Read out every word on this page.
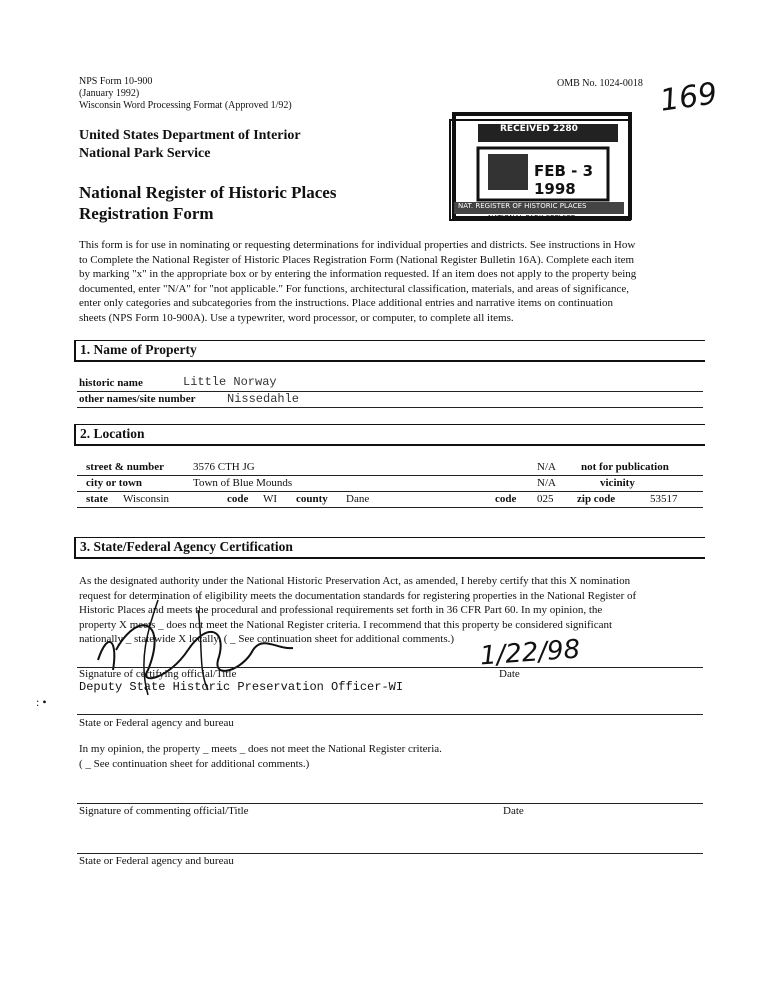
NPS Form 10-900
(January 1992)
Wisconsin Word Processing Format (Approved 1/92)
OMB No. 1024-0018 169
United States Department of Interior
National Park Service
National Register of Historic Places
Registration Form
RECEIVED 2280
FEB - 3 1998
NAT. REGISTER OF HISTORIC PLACES
NATIONAL PARK SERVICE
This form is for use in nominating or requesting determinations for individual properties and districts. See instructions in How
to Complete the National Register of Historic Places Registration Form (National Register Bulletin 16A). Complete each item
by marking "x" in the appropriate box or by entering the information requested. If an item does not apply to the property being
documented, enter "N/A" for "not applicable." For functions, architectural classification, materials, and areas of significance,
enter only categories and subcategories from the instructions. Place additional entries and narrative items on continuation
sheets (NPS Form 10-900A). Use a typewriter, word processor, or computer, to complete all items.
1. Name of Property
historic name	Little Norway
other names/site number	Nissedahle
2. Location
street & number	3576 CTH JG	N/A not for publication
city or town	Town of Blue Mounds	N/A	vicinity
state Wisconsin	code WI county Dane	code 025 zip code	53517
3. State/Federal Agency Certification
As the designated authority under the National Historic Preservation Act, as amended, I hereby certify that this X nomination
request for determination of eligibility meets the documentation standards for registering properties in the National Register of
Historic Places and meets the procedural and professional requirements set forth in 36 CFR Part 60. In my opinion, the
property X meets _ does not meet the National Register criteria. I recommend that this property be considered significant
nationally _ statewide X locally. ( _ See continuation sheet for additional comments.) 1/22/98
Signature of certifying official/Title	Date
Deputy State Historic Preservation Officer-WI
: •
State or Federal agency and bureau
In my opinion, the property _ meets _ does not meet the National Register criteria.
( _ See continuation sheet for additional comments.)
Signature of commenting official/Title	Date
State or Federal agency and bureau
